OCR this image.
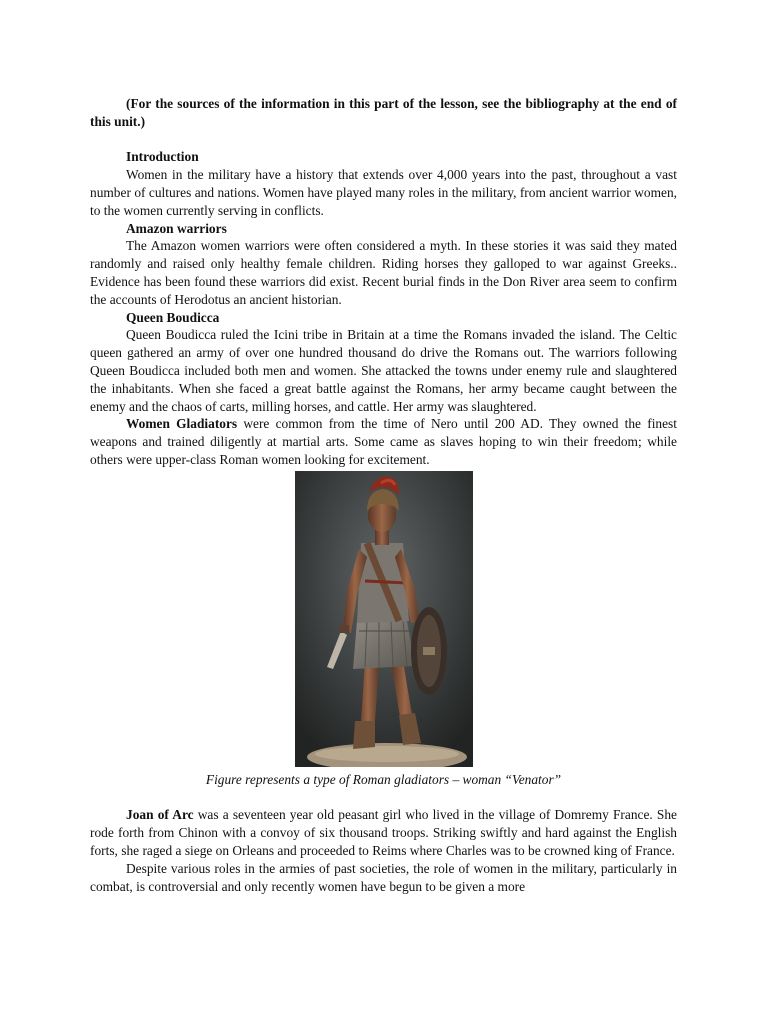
(For the sources of the information in this part of the lesson, see the bibliography at the end of this unit.)

Introduction

Women in the military have a history that extends over 4,000 years into the past, throughout a vast number of cultures and nations. Women have played many roles in the military, from ancient warrior women, to the women currently serving in conflicts.

Amazon warriors

The Amazon women warriors were often considered a myth. In these stories it was said they mated randomly and raised only healthy female children. Riding horses they galloped to war against Greeks.. Evidence has been found these warriors did exist. Recent burial finds in the Don River area seem to confirm the accounts of Herodotus an ancient historian.

Queen Boudicca

Queen Boudicca ruled the Icini tribe in Britain at a time the Romans invaded the island. The Celtic queen gathered an army of over one hundred thousand do drive the Romans out. The warriors following Queen Boudicca included both men and women. She attacked the towns under enemy rule and slaughtered the inhabitants. When she faced a great battle against the Romans, her army became caught between the enemy and the chaos of carts, milling horses, and cattle. Her army was slaughtered.

Women Gladiators were common from the time of Nero until 200 AD. They owned the finest weapons and trained diligently at martial arts. Some came as slaves hoping to win their freedom; while others were upper-class Roman women looking for excitement.

Figure represents a type of Roman gladiators – woman “Venator”

Joan of Arc was a seventeen year old peasant girl who lived in the village of Domremy France. She rode forth from Chinon with a convoy of six thousand troops. Striking swiftly and hard against the English forts, she raged a siege on Orleans and proceeded to Reims where Charles was to be crowned king of France.

Despite various roles in the armies of past societies, the role of women in the military, particularly in combat, is controversial and only recently women have begun to be given a more
